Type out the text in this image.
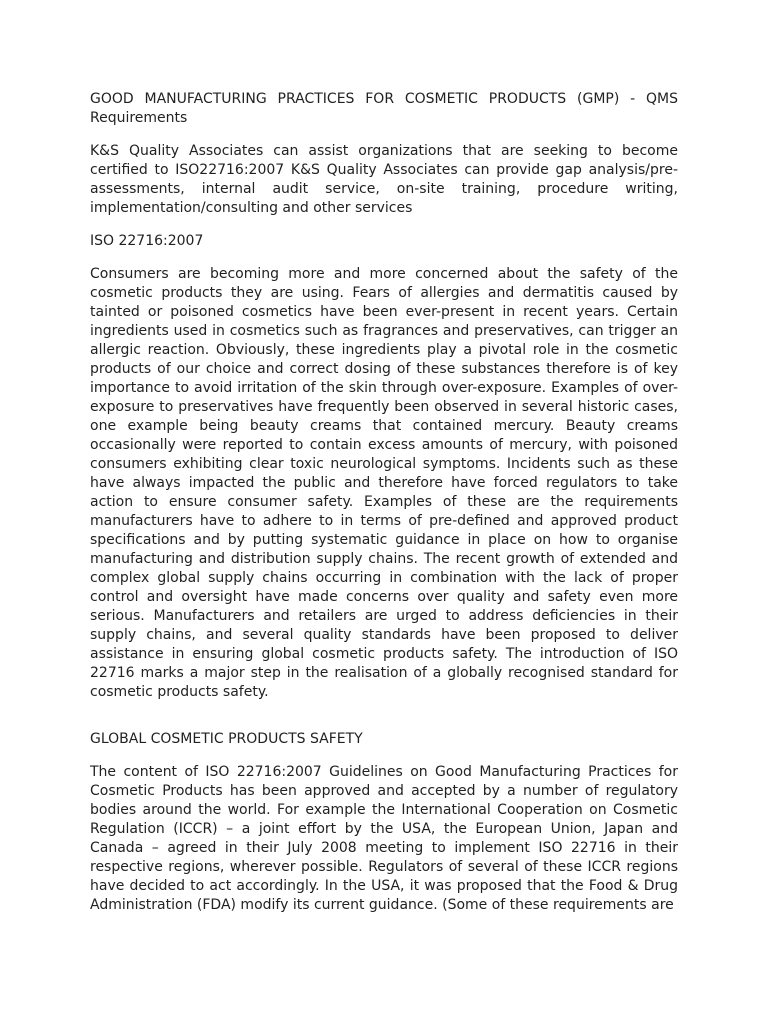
GOOD MANUFACTURING PRACTICES FOR COSMETIC PRODUCTS (GMP) - QMS Requirements

K&S Quality Associates can assist organizations that are seeking to become certified to ISO22716:2007 K&S Quality Associates can provide gap analysis/pre-assessments, internal audit service, on-site training, procedure writing, implementation/consulting and other services

ISO 22716:2007

Consumers are becoming more and more concerned about the safety of the cosmetic products they are using. Fears of allergies and dermatitis caused by tainted or poisoned cosmetics have been ever-present in recent years. Certain ingredients used in cosmetics such as fragrances and preservatives, can trigger an allergic reaction. Obviously, these ingredients play a pivotal role in the cosmetic products of our choice and correct dosing of these substances therefore is of key importance to avoid irritation of the skin through over-exposure. Examples of over-exposure to preservatives have frequently been observed in several historic cases, one example being beauty creams that contained mercury. Beauty creams occasionally were reported to contain excess amounts of mercury, with poisoned consumers exhibiting clear toxic neurological symptoms. Incidents such as these have always impacted the public and therefore have forced regulators to take action to ensure consumer safety. Examples of these are the requirements manufacturers have to adhere to in terms of pre-defined and approved product specifications and by putting systematic guidance in place on how to organise manufacturing and distribution supply chains. The recent growth of extended and complex global supply chains occurring in combination with the lack of proper control and oversight have made concerns over quality and safety even more serious. Manufacturers and retailers are urged to address deficiencies in their supply chains, and several quality standards have been proposed to deliver assistance in ensuring global cosmetic products safety. The introduction of ISO 22716 marks a major step in the realisation of a globally recognised standard for cosmetic products safety.

GLOBAL COSMETIC PRODUCTS SAFETY

The content of ISO 22716:2007 Guidelines on Good Manufacturing Practices for Cosmetic Products has been approved and accepted by a number of regulatory bodies around the world. For example the International Cooperation on Cosmetic Regulation (ICCR) – a joint effort by the USA, the European Union, Japan and Canada – agreed in their July 2008 meeting to implement ISO 22716 in their respective regions, wherever possible. Regulators of several of these ICCR regions have decided to act accordingly. In the USA, it was proposed that the Food & Drug Administration (FDA) modify its current guidance. (Some of these requirements are
